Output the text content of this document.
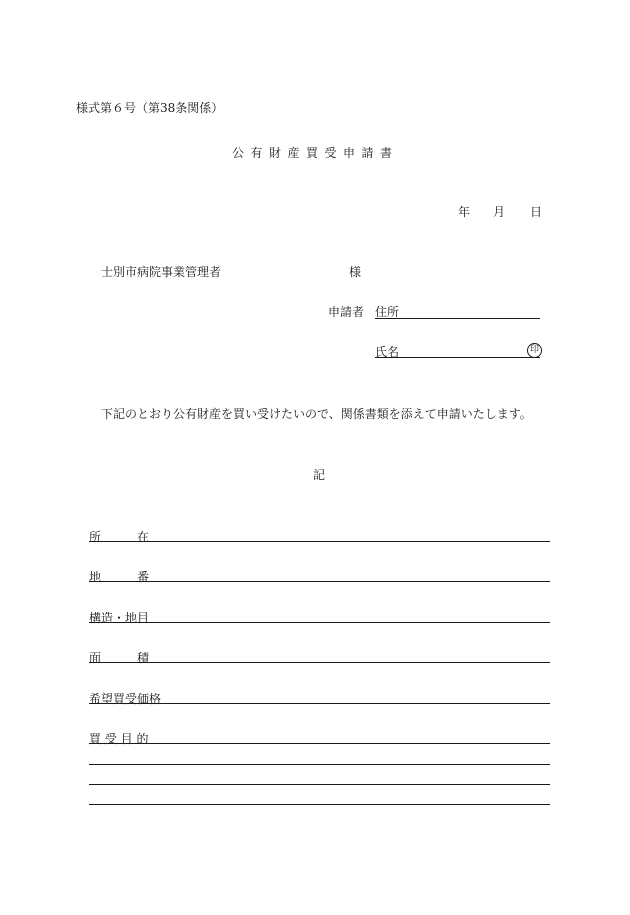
様式第６号（第38条関係）
公有財産買受申請書
年 月 日
士別市病院事業管理者	様
申請者 住所
氏名	印
下記のとおり公有財産を買い受けたいので、関係書類を添えて申請いたします。
記
所　　　在
地　　　番
構造・地目
面　　　積
希望買受価格
買 受 目 的
